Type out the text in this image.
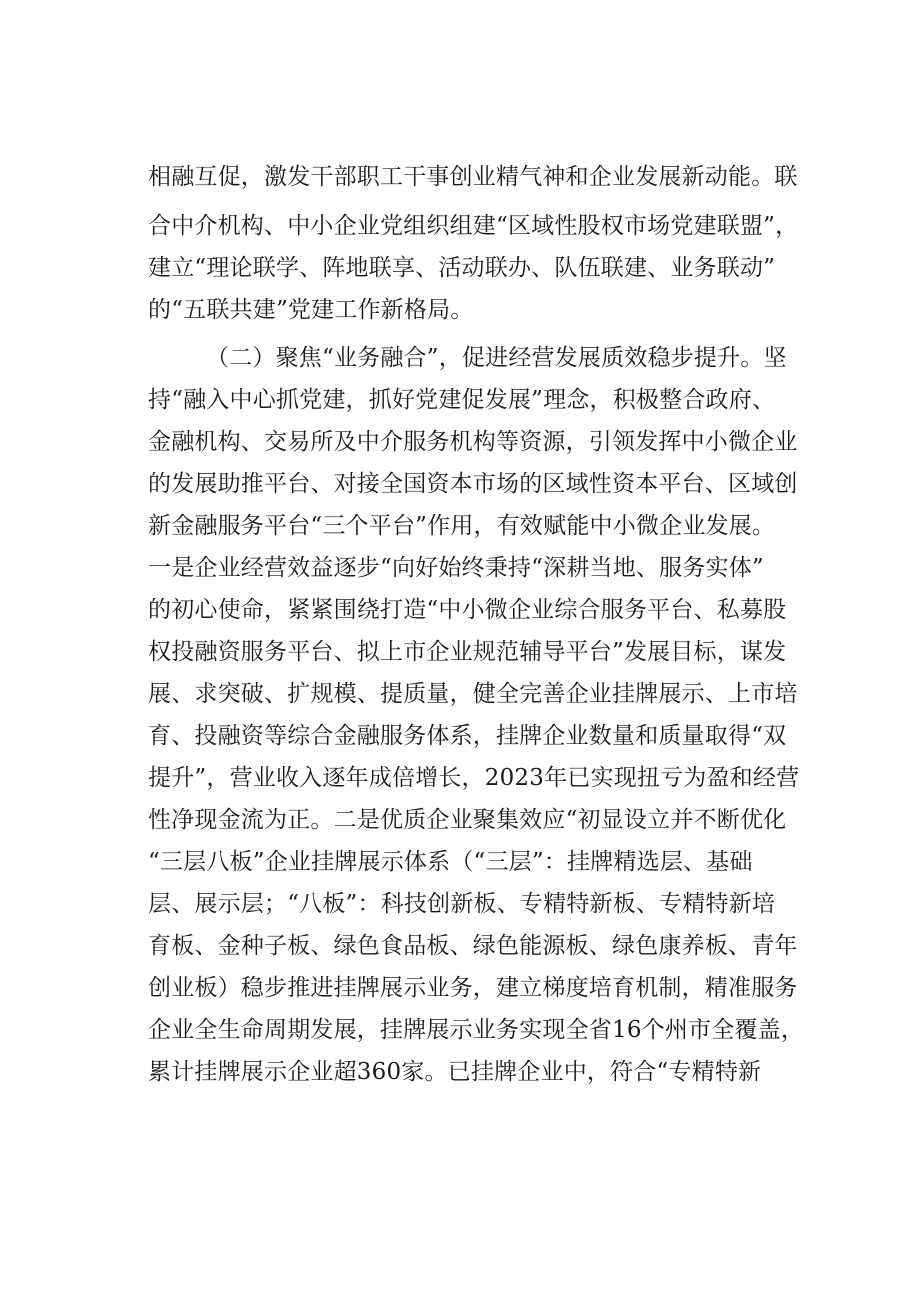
相融互促，激发干部职工干事创业精气神和企业发展新动能。联
合中介机构、中小企业党组织组建“区域性股权市场党建联盟”，
建立“理论联学、阵地联享、活动联办、队伍联建、业务联动”
的“五联共建”党建工作新格局。
（二）聚焦“业务融合”，促进经营发展质效稳步提升。坚
持“融入中心抓党建，抓好党建促发展”理念，积极整合政府、
金融机构、交易所及中介服务机构等资源，引领发挥中小微企业
的发展助推平台、对接全国资本市场的区域性资本平台、区域创
新金融服务平台“三个平台”作用，有效赋能中小微企业发展。
一是企业经营效益逐步“向好始终秉持“深耕当地、服务实体”
的初心使命，紧紧围绕打造“中小微企业综合服务平台、私募股
权投融资服务平台、拟上市企业规范辅导平台”发展目标，谋发
展、求突破、扩规模、提质量，健全完善企业挂牌展示、上市培
育、投融资等综合金融服务体系，挂牌企业数量和质量取得“双
提升”，营业收入逐年成倍增长，2023年已实现扭亏为盈和经营
性净现金流为正。二是优质企业聚集效应“初显设立并不断优化
“三层八板”企业挂牌展示体系（“三层”：挂牌精选层、基础
层、展示层；“八板”：科技创新板、专精特新板、专精特新培
育板、金种子板、绿色食品板、绿色能源板、绿色康养板、青年
创业板）稳步推进挂牌展示业务，建立梯度培育机制，精准服务
企业全生命周期发展，挂牌展示业务实现全省16个州市全覆盖，
累计挂牌展示企业超360家。已挂牌企业中，符合“专精特新
